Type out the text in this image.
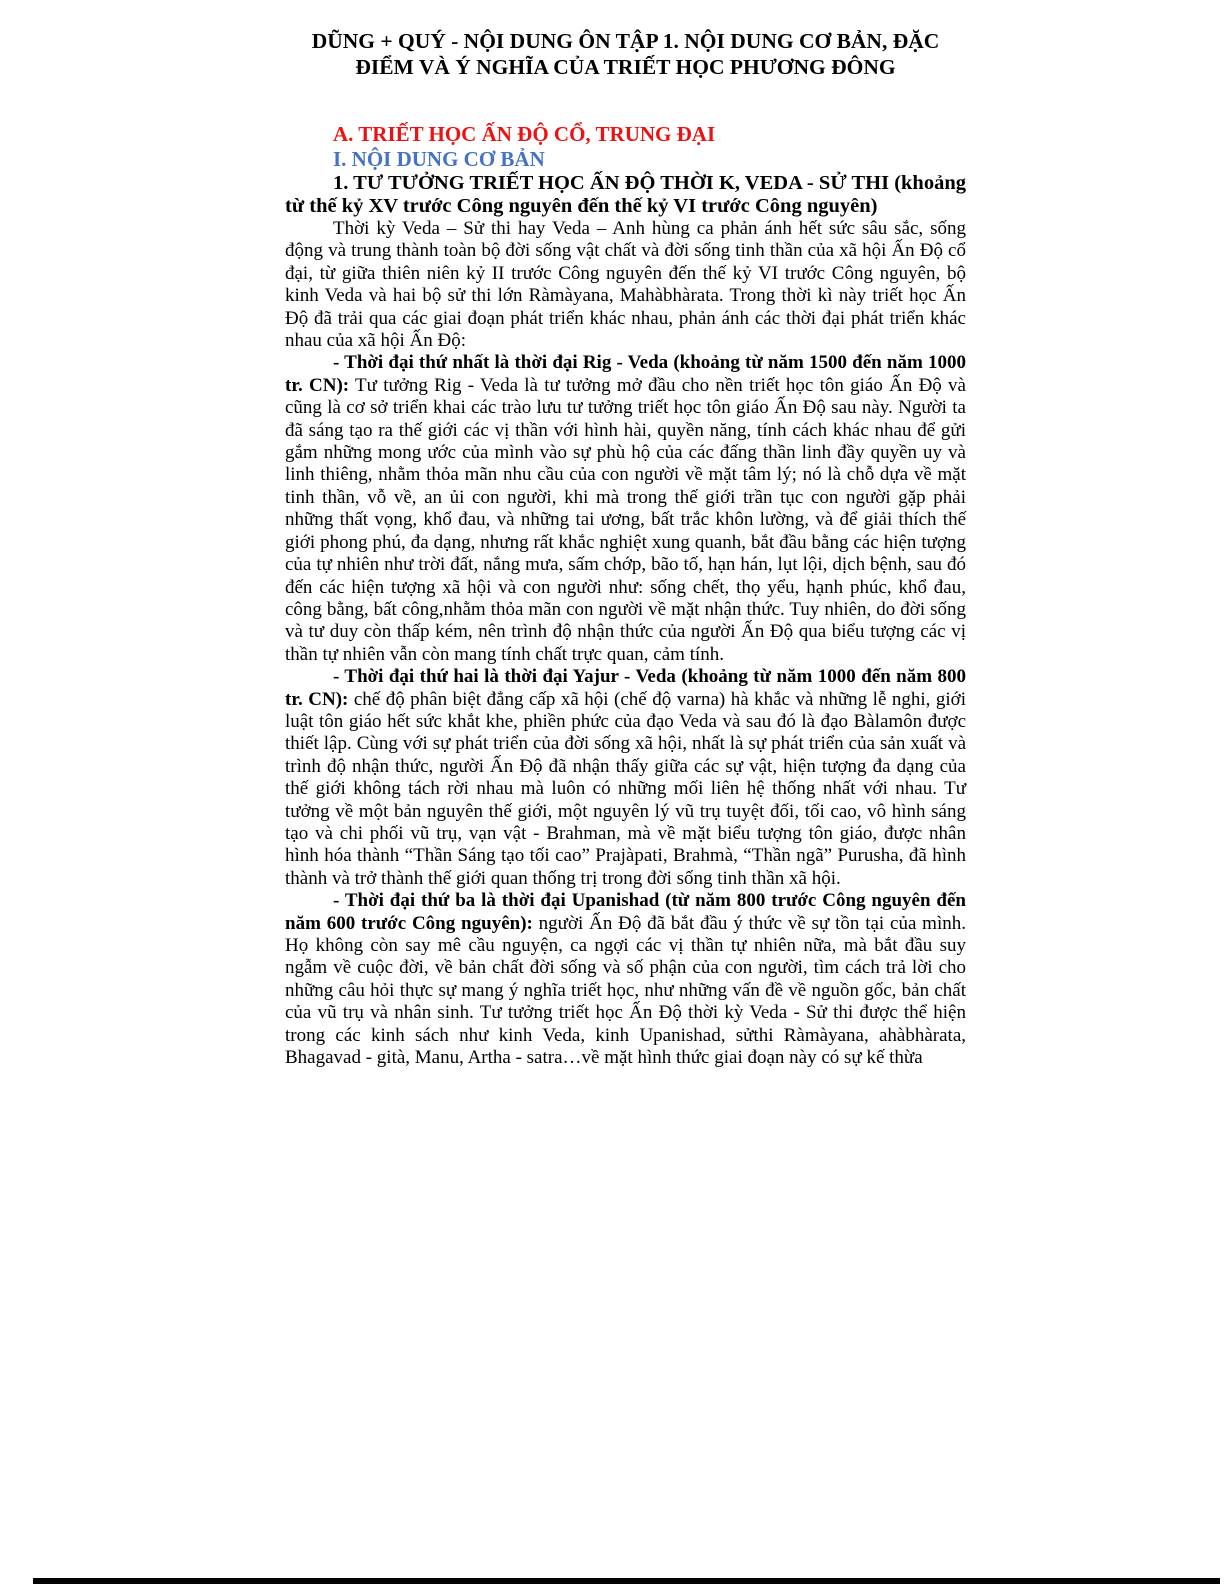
DŨNG + QUÝ - NỘI DUNG ÔN TẬP 1. NỘI DUNG CƠ BẢN, ĐẶC
ĐIỂM VÀ Ý NGHĨA CỦA TRIẾT HỌC PHƯƠNG ĐÔNG

A. TRIẾT HỌC ẤN ĐỘ CỔ, TRUNG ĐẠI

I. NỘI DUNG CƠ BẢN

1. TƯ TƯỞNG TRIẾT HỌC ẤN ĐỘ THỜI K, VEDA - SỬ THI (khoảng từ thế kỷ XV trước Công nguyên đến thế kỷ VI trước Công nguyên)

Thời kỳ Veda – Sử thi hay Veda – Anh hùng ca phản ánh hết sức sâu sắc, sống động và trung thành toàn bộ đời sống vật chất và đời sống tinh thần của xã hội Ấn Độ cổ đại, từ giữa thiên niên kỷ II trước Công nguyên đến thế kỷ VI trước Công nguyên, bộ kinh Veda và hai bộ sử thi lớn Ràmàyana, Mahàbhàrata. Trong thời kì này triết học Ấn Độ đã trải qua các giai đoạn phát triển khác nhau, phản ánh các thời đại phát triển khác nhau của xã hội Ấn Độ:

- Thời đại thứ nhất là thời đại Rig - Veda (khoảng từ năm 1500 đến năm 1000 tr. CN): Tư tưởng Rig - Veda là tư tưởng mở đầu cho nền triết học tôn giáo Ấn Độ và cũng là cơ sở triển khai các trào lưu tư tưởng triết học tôn giáo Ấn Độ sau này. Người ta đã sáng tạo ra thế giới các vị thần với hình hài, quyền năng, tính cách khác nhau để gửi gắm những mong ước của mình vào sự phù hộ của các đấng thần linh đầy quyền uy và linh thiêng, nhằm thỏa mãn nhu cầu của con người về mặt tâm lý; nó là chỗ dựa về mặt tinh thần, vỗ về, an ủi con người, khi mà trong thế giới trần tục con người gặp phải những thất vọng, khổ đau, và những tai ương, bất trắc khôn lường, và để giải thích thế giới phong phú, đa dạng, nhưng rất khắc nghiệt xung quanh, bắt đầu bằng các hiện tượng của tự nhiên như trời đất, nắng mưa, sấm chớp, bão tố, hạn hán, lụt lội, dịch bệnh, sau đó đến các hiện tượng xã hội và con người như: sống chết, thọ yểu, hạnh phúc, khổ đau, công bằng, bất công,nhằm thỏa mãn con người về mặt nhận thức. Tuy nhiên, do đời sống và tư duy còn thấp kém, nên trình độ nhận thức của người Ấn Độ qua biểu tượng các vị thần tự nhiên vẫn còn mang tính chất trực quan, cảm tính.

- Thời đại thứ hai là thời đại Yajur - Veda (khoảng từ năm 1000 đến năm 800 tr. CN): chế độ phân biệt đẳng cấp xã hội (chế độ varna) hà khắc và những lễ nghi, giới luật tôn giáo hết sức khắt khe, phiền phức của đạo Veda và sau đó là đạo Bàlamôn được thiết lập. Cùng với sự phát triển của đời sống xã hội, nhất là sự phát triển của sản xuất và trình độ nhận thức, người Ấn Độ đã nhận thấy giữa các sự vật, hiện tượng đa dạng của thế giới không tách rời nhau mà luôn có những mối liên hệ thống nhất với nhau. Tư tưởng về một bản nguyên thế giới, một nguyên lý vũ trụ tuyệt đối, tối cao, vô hình sáng tạo và chi phối vũ trụ, vạn vật - Brahman, mà về mặt biểu tượng tôn giáo, được nhân hình hóa thành “Thần Sáng tạo tối cao” Prajàpati, Brahmà, “Thần ngã” Purusha, đã hình thành và trở thành thế giới quan thống trị trong đời sống tinh thần xã hội.

- Thời đại thứ ba là thời đại Upanishad (từ năm 800 trước Công nguyên đến năm 600 trước Công nguyên): người Ấn Độ đã bắt đầu ý thức về sự tồn tại của mình. Họ không còn say mê cầu nguyện, ca ngợi các vị thần tự nhiên nữa, mà bắt đầu suy ngẫm về cuộc đời, về bản chất đời sống và số phận của con người, tìm cách trả lời cho những câu hỏi thực sự mang ý nghĩa triết học, như những vấn đề về nguồn gốc, bản chất của vũ trụ và nhân sinh. Tư tưởng triết học Ấn Độ thời kỳ Veda - Sử thi được thể hiện trong các kinh sách như kinh Veda, kinh Upanishad, sửthi Ràmàyana, ahàbhàrata, Bhagavad - gità, Manu, Artha - satra…về mặt hình thức giai đoạn này có sự kế thừa
